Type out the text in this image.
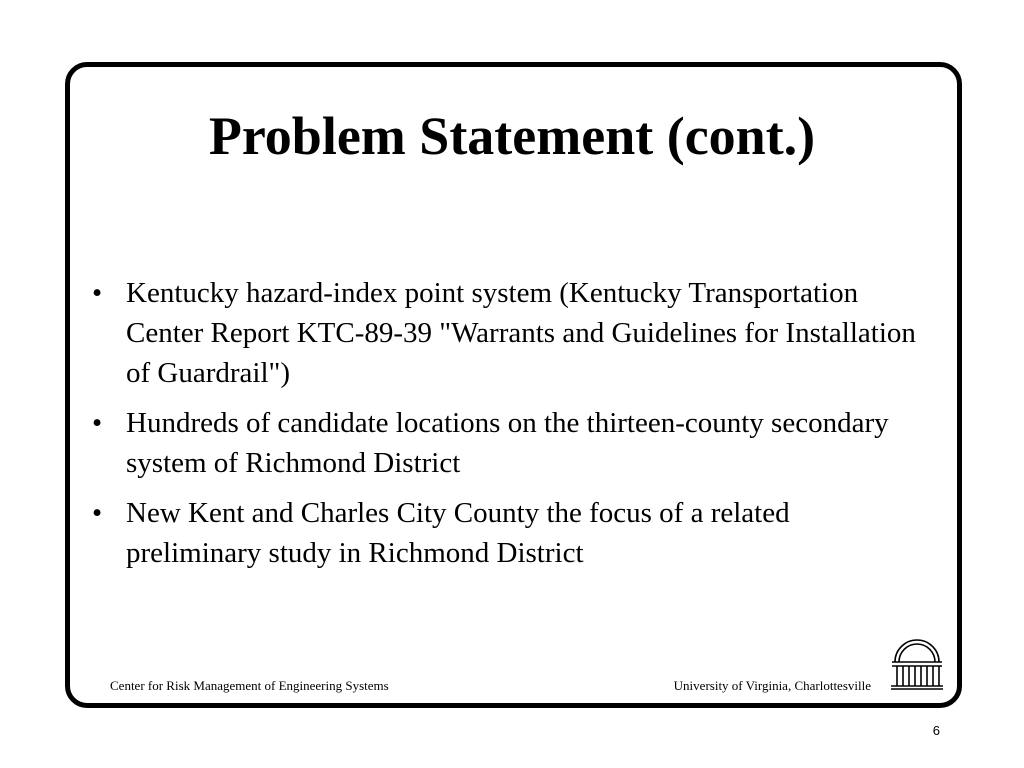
Problem Statement (cont.)
• Kentucky hazard-index point system (Kentucky Transportation Center Report KTC-89-39 "Warrants and Guidelines for Installation of Guardrail")
• Hundreds of candidate locations on the thirteen-county secondary system of Richmond District
• New Kent and Charles City County the focus of a related preliminary study in Richmond District
Center for Risk Management of Engineering Systems	University of Virginia, Charlottesville
6
